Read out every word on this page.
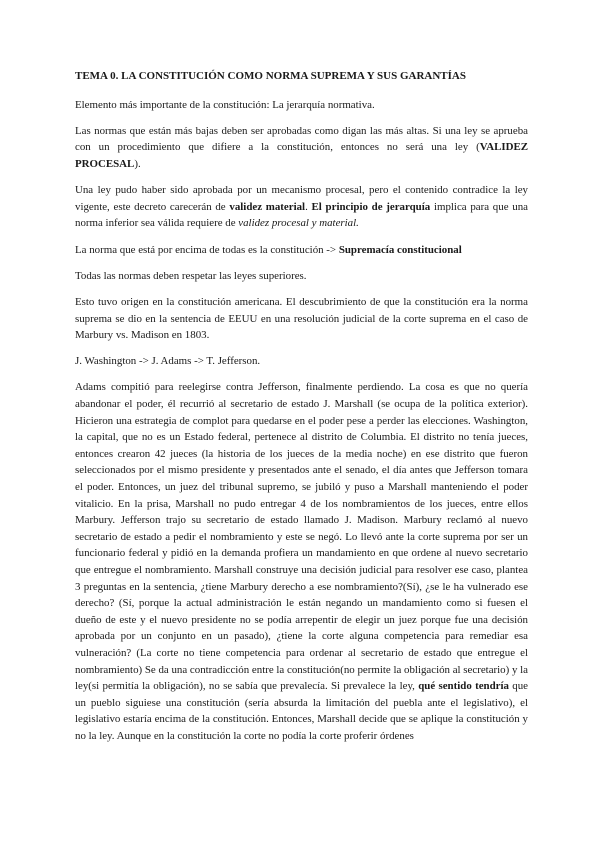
TEMA 0. LA CONSTITUCIÓN COMO NORMA SUPREMA Y SUS GARANTÍAS

Elemento más importante de la constitución: La jerarquía normativa.

Las normas que están más bajas deben ser aprobadas como digan las más altas. Si una ley se aprueba con un procedimiento que difiere a la constitución, entonces no será una ley (VALIDEZ PROCESAL).

Una ley pudo haber sido aprobada por un mecanismo procesal, pero el contenido contradice la ley vigente, este decreto carecerán de validez material. El principio de jerarquía implica para que una norma inferior sea válida requiere de validez procesal y material.

La norma que está por encima de todas es la constitución -> Supremacía constitucional

Todas las normas deben respetar las leyes superiores.

Esto tuvo origen en la constitución americana. El descubrimiento de que la constitución era la norma suprema se dio en la sentencia de EEUU en una resolución judicial de la corte suprema en el caso de Marbury vs. Madison en 1803.

J. Washington -> J. Adams -> T. Jefferson.

Adams compitió para reelegirse contra Jefferson, finalmente perdiendo. La cosa es que no quería abandonar el poder, él recurrió al secretario de estado J. Marshall (se ocupa de la política exterior). Hicieron una estrategia de complot para quedarse en el poder pese a perder las elecciones. Washington, la capital, que no es un Estado federal, pertenece al distrito de Columbia. El distrito no tenía jueces, entonces crearon 42 jueces (la historia de los jueces de la media noche) en ese distrito que fueron seleccionados por el mismo presidente y presentados ante el senado, el día antes que Jefferson tomara el poder. Entonces, un juez del tribunal supremo, se jubiló y puso a Marshall manteniendo el poder vitalicio. En la prisa, Marshall no pudo entregar 4 de los nombramientos de los jueces, entre ellos Marbury. Jefferson trajo su secretario de estado llamado J. Madison. Marbury reclamó al nuevo secretario de estado a pedir el nombramiento y este se negó. Lo llevó ante la corte suprema por ser un funcionario federal y pidió en la demanda profiera un mandamiento en que ordene al nuevo secretario que entregue el nombramiento. Marshall construye una decisión judicial para resolver ese caso, plantea 3 preguntas en la sentencia, ¿tiene Marbury derecho a ese nombramiento?(Sí), ¿se le ha vulnerado ese derecho? (Sí, porque la actual administración le están negando un mandamiento como si fuesen el dueño de este y el nuevo presidente no se podía arrepentir de elegir un juez porque fue una decisión aprobada por un conjunto en un pasado), ¿tiene la corte alguna competencia para remediar esa vulneración? (La corte no tiene competencia para ordenar al secretario de estado que entregue el nombramiento) Se da una contradicción entre la constitución(no permite la obligación al secretario) y la ley(si permitía la obligación), no se sabía que prevalecía. Si prevalece la ley, qué sentido tendría que un pueblo siguiese una constitución (sería absurda la limitación del puebla ante el legislativo), el legislativo estaría encima de la constitución. Entonces, Marshall decide que se aplique la constitución y no la ley. Aunque en la constitución la corte no podía la corte proferir órdenes
